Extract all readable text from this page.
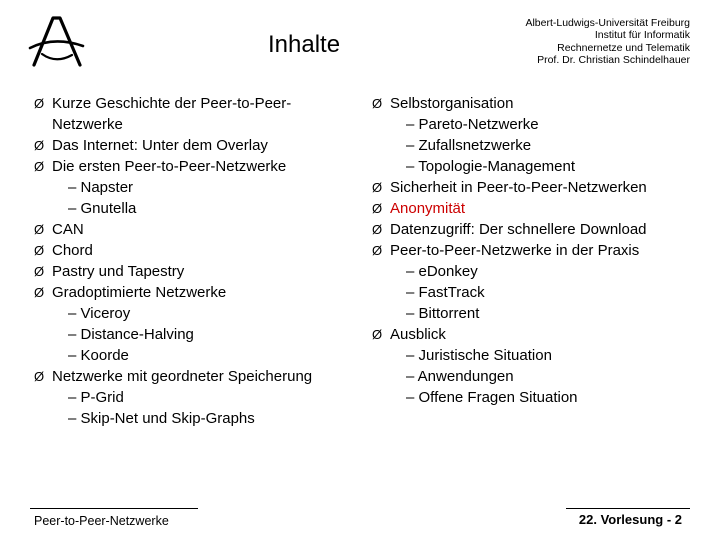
Inhalte
Albert-Ludwigs-Universität Freiburg
Institut für Informatik
Rechnernetze und Telematik
Prof. Dr. Christian Schindelhauer
Ø Kurze Geschichte der Peer-to-Peer-Netzwerke
Ø Das Internet: Unter dem Overlay
Ø Die ersten Peer-to-Peer-Netzwerke
– Napster
– Gnutella
Ø CAN
Ø Chord
Ø Pastry und Tapestry
Ø Gradoptimierte Netzwerke
– Viceroy
– Distance-Halving
– Koorde
Ø Netzwerke mit geordneter Speicherung
– P-Grid
– Skip-Net und Skip-Graphs
Ø Selbstorganisation
– Pareto-Netzwerke
– Zufallsnetzwerke
– Topologie-Management
Ø Sicherheit in Peer-to-Peer-Netzwerken
Ø Anonymität
Ø Datenzugriff: Der schnellere Download
Ø Peer-to-Peer-Netzwerke in der Praxis
– eDonkey
– FastTrack
– Bittorrent
Ø Ausblick
– Juristische Situation
– Anwendungen
– Offene Fragen Situation
Peer-to-Peer-Netzwerke	22. Vorlesung - 2
